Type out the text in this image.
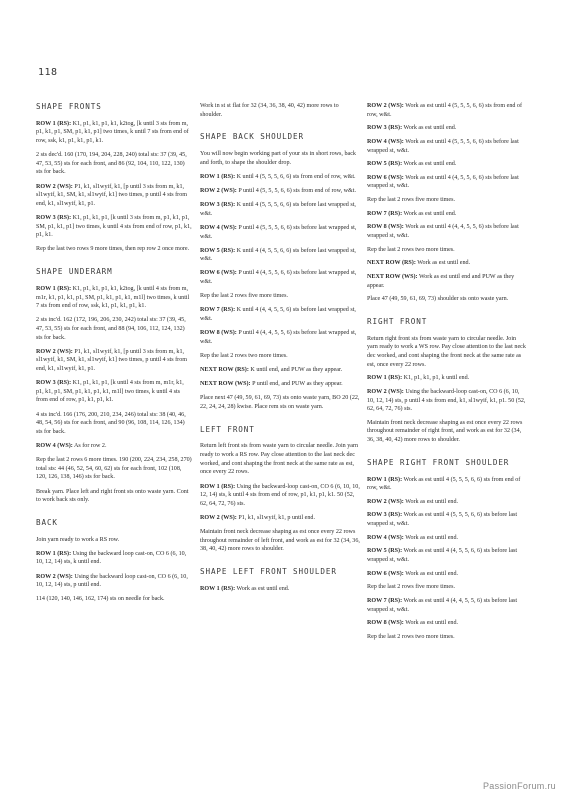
118
SHAPE FRONTS

ROW 1 (RS): K1, p1, k1, p1, k1, k2tog, [k until 3 sts from m, p1, k1, p1, SM, p1, k1, p1] two times, k until 7 sts from end of row, ssk, k1, p1, k1, p1, k1.

2 sts dec'd. 160 (170, 194, 204, 228, 240) total sts: 37 (39, 45, 47, 53, 55) sts for each front, and 86 (92, 104, 110, 122, 130) sts for back.

ROW 2 (WS): P1, k1, sl1wyif, k1, [p until 3 sts from m, k1, sl1wyif, k1, SM, k1, sl1wyif, k1] two times, p until 4 sts from end, k1, sl1wyif, k1, p1.

ROW 3 (RS): K1, p1, k1, p1, [k until 3 sts from m, p1, k1, p1, SM, p1, k1, p1] two times, k until 4 sts from end of row, p1, k1, p1, k1.

Rep the last two rows 9 more times, then rep row 2 once more.

SHAPE UNDERARM

ROW 1 (RS): K1, p1, k1, p1, k1, k2tog, [k until 4 sts from m, m1r, k1, p1, k1, p1, SM, p1, k1, p1, k1, m1l] two times, k until 7 sts from end of row, ssk, k1, p1, k1, p1, k1.

2 sts inc'd. 162 (172, 196, 206, 230, 242) total sts: 37 (39, 45, 47, 53, 55) sts for each front, and 88 (94, 106, 112, 124, 132) sts for back.

ROW 2 (WS): P1, k1, sl1wyif, k1, [p until 3 sts from m, k1, sl1wyif, k1, SM, k1, sl1wyif, k1] two times, p until 4 sts from end, k1, sl1wyif, k1, p1.

ROW 3 (RS): K1, p1, k1, p1, [k until 4 sts from m, m1r, k1, p1, k1, p1, SM, p1, k1, p1, k1, m1l] two times, k until 4 sts from end of row, p1, k1, p1, k1.

4 sts inc'd. 166 (176, 200, 210, 234, 246) total sts: 38 (40, 46, 48, 54, 56) sts for each front, and 90 (96, 108, 114, 126, 134) sts for back.

ROW 4 (WS): As for row 2.

Rep the last 2 rows 6 more times. 190 (200, 224, 234, 258, 270) total sts: 44 (46, 52, 54, 60, 62) sts for each front, 102 (108, 120, 126, 138, 146) sts for back.

Break yarn. Place left and right front sts onto waste yarn. Cont to work back sts only.

BACK

Join yarn ready to work a RS row.

ROW 1 (RS): Using the backward loop cast-on, CO 6 (6, 10, 10, 12, 14) sts, k until end.

ROW 2 (WS): Using the backward loop cast-on, CO 6 (6, 10, 10, 12, 14) sts, p until end.

114 (120, 140, 146, 162, 174) sts on needle for back.

Work in st st flat for 32 (34, 36, 38, 40, 42) more rows to shoulder.

SHAPE BACK SHOULDER

You will now begin working part of your sts in short rows, back and forth, to shape the shoulder drop.

ROW 1 (RS): K until 4 (5, 5, 5, 6, 6) sts from end of row, w&t.

ROW 2 (WS): P until 4 (5, 5, 5, 6, 6) sts from end of row, w&t.

ROW 3 (RS): K until 4 (5, 5, 5, 6, 6) sts before last wrapped st, w&t.

ROW 4 (WS): P until 4 (5, 5, 5, 6, 6) sts before last wrapped st, w&t.

ROW 5 (RS): K until 4 (4, 5, 5, 6, 6) sts before last wrapped st, w&t.

ROW 6 (WS): P until 4 (4, 5, 5, 6, 6) sts before last wrapped st, w&t.

Rep the last 2 rows five more times.

ROW 7 (RS): K until 4 (4, 4, 5, 5, 6) sts before last wrapped st, w&t.

ROW 8 (WS): P until 4 (4, 4, 5, 5, 6) sts before last wrapped st, w&t.

Rep the last 2 rows two more times.

NEXT ROW (RS): K until end, and PUW as they appear.

NEXT ROW (WS): P until end, and PUW as they appear.

Place next 47 (49, 59, 61, 69, 73) sts onto waste yarn, BO 20 (22, 22, 24, 24, 28) kwise. Place rem sts on waste yarn.

LEFT FRONT

Return left front sts from waste yarn to circular needle. Join yarn ready to work a RS row. Pay close attention to the last neck dec worked, and cont shaping the front neck at the same rate as est, once every 22 rows.

ROW 1 (RS): Using the backward-loop cast-on, CO 6 (6, 10, 10, 12, 14) sts, k until 4 sts from end of row, p1, k1, p1, k1. 50 (52, 62, 64, 72, 76) sts.

ROW 2 (WS): P1, k1, sl1wyif, k1, p until end.

Maintain front neck decrease shaping as est once every 22 rows throughout remainder of left front, and work as est for 32 (34, 36, 38, 40, 42) more rows to shoulder.

SHAPE LEFT FRONT SHOULDER

ROW 1 (RS): Work as est until end.

ROW 2 (WS): Work as est until 4 (5, 5, 5, 6, 6) sts from end of row, w&t.

ROW 3 (RS): Work as est until end.

ROW 4 (WS): Work as est until 4 (5, 5, 5, 6, 6) sts before last wrapped st, w&t.

ROW 5 (RS): Work as est until end.

ROW 6 (WS): Work as est until 4 (4, 5, 5, 6, 6) sts before last wrapped st, w&t.

Rep the last 2 rows five more times.

ROW 7 (RS): Work as est until end.

ROW 8 (WS): Work as est until 4 (4, 4, 5, 5, 6) sts before last wrapped st, w&t.

Rep the last 2 rows two more times.

NEXT ROW (RS): Work as est until end.

NEXT ROW (WS): Work as est until end and PUW as they appear.

Place 47 (49, 59, 61, 69, 73) shoulder sts onto waste yarn.

RIGHT FRONT

Return right front sts from waste yarn to circular needle. Join yarn ready to work a WS row. Pay close attention to the last neck dec worked, and cont shaping the front neck at the same rate as est, once every 22 rows.

ROW 1 (RS): K1, p1, k1, p1, k until end.

ROW 2 (WS): Using the backward-loop cast-on, CO 6 (6, 10, 10, 12, 14) sts, p until 4 sts from end, k1, sl1wyif, k1, p1. 50 (52, 62, 64, 72, 76) sts.

Maintain front neck decrease shaping as est once every 22 rows throughout remainder of right front, and work as est for 32 (34, 36, 38, 40, 42) more rows to shoulder.

SHAPE RIGHT FRONT SHOULDER

ROW 1 (RS): Work as est until 4 (5, 5, 5, 6, 6) sts from end of row, w&t.

ROW 2 (WS): Work as est until end.

ROW 3 (RS): Work as est until 4 (5, 5, 5, 6, 6) sts before last wrapped st, w&t.

ROW 4 (WS): Work as est until end.

ROW 5 (RS): Work as est until 4 (4, 5, 5, 6, 6) sts before last wrapped st, w&t.

ROW 6 (WS): Work as est until end.

Rep the last 2 rows five more times.

ROW 7 (RS): Work as est until 4 (4, 4, 5, 5, 6) sts before last wrapped st, w&t.

ROW 8 (WS): Work as est until end.

Rep the last 2 rows two more times.

PassionForum.ru
